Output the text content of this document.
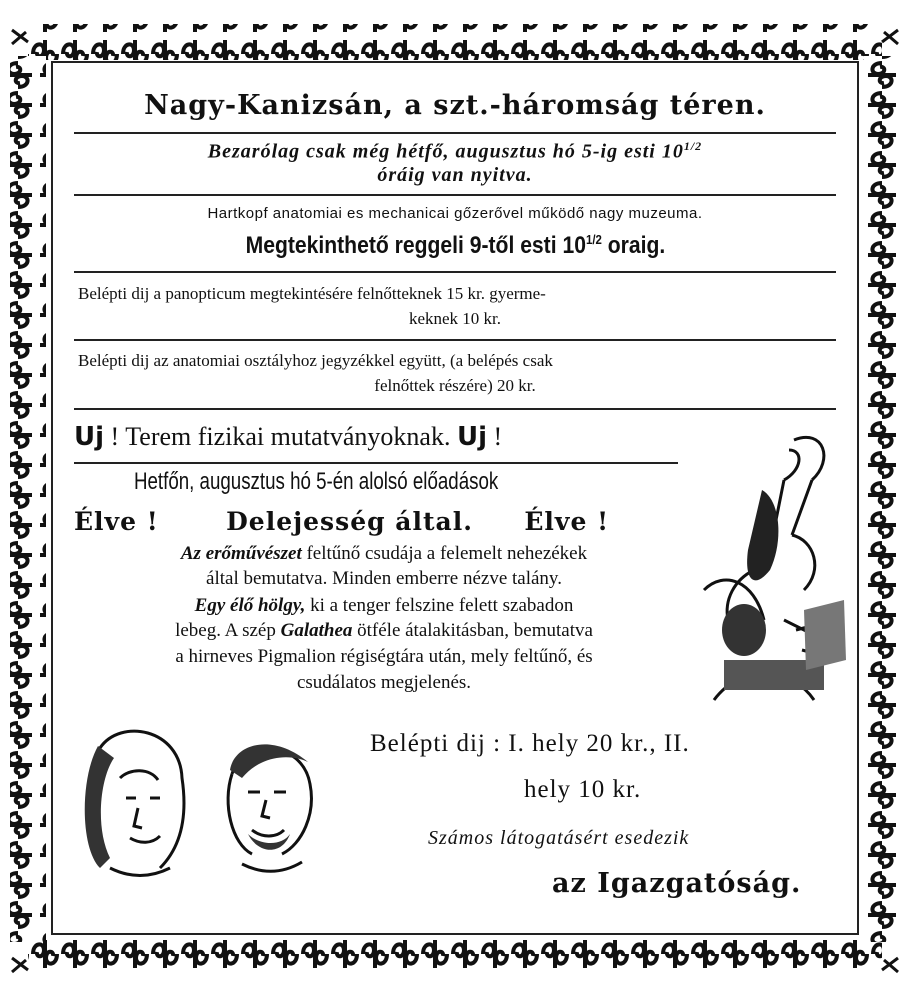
Nagy-Kanizsán, a szt.-háromság téren.
Bezarólag csak még hétfő, augusztus hó 5-ig esti $10^{1/2}$
óráig van nyitva.
Hartkopf anatomiai es mechanicai gőzerővel működő nagy muzeuma.
Megtekinthető reggeli 9-től esti $10^{1/2}$ oraig.
Belépti dij a panopticum megtekintésére felnőtteknek 15 kr. gyerme-
keknek 10 kr.
Belépti dij az anatomiai osztályhoz jegyzékkel együtt, (a belépés csak
felnőttek részére) 20 kr.
Uj ! Terem fizikai mutatványoknak. Uj !
Hetfőn, augusztus hó 5-én alolsó előadások
Élve !	Delejesség által. Élve !
Az erőművészet feltűnő csudája a felemelt nehezékek
által bemutatva. Minden emberre nézve talány.
Egy élő hölgy, ki a tenger felszine felett szabadon
lebeg. A szép Galathea ötféle átalakitásban, bemutatva
a hirneves Pigmalion régiségtára után, mely feltűnő, és
csudálatos megjelenés.
Belépti dij : I. hely 20 kr., II.
hely 10 kr.
Számos látogatásért esedezik
az Igazgatóság.
